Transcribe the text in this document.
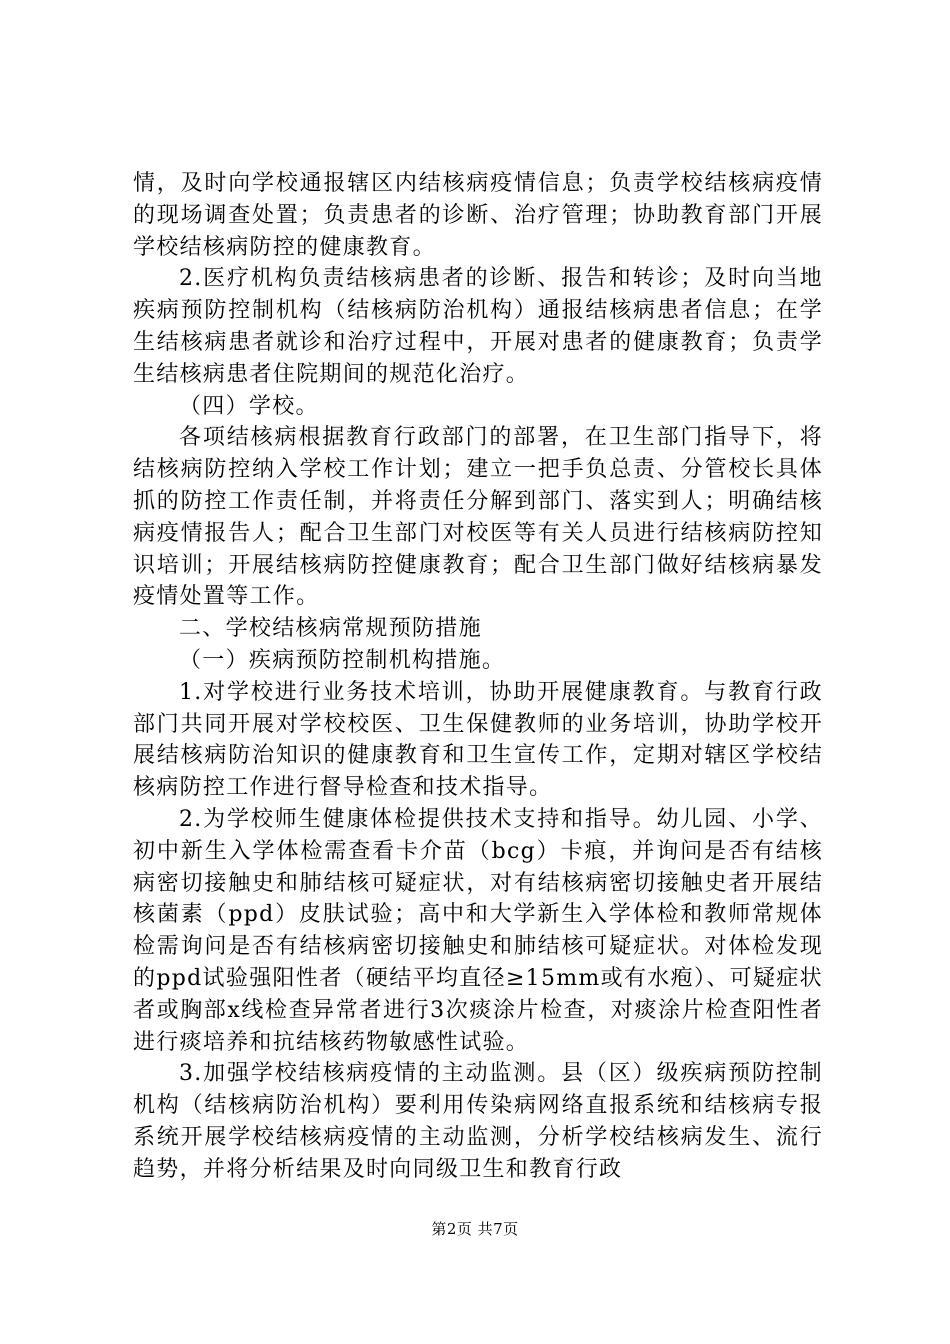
情，及时向学校通报辖区内结核病疫情信息；负责学校结核病疫情的现场调查处置；负责患者的诊断、治疗管理；协助教育部门开展学校结核病防控的健康教育。

2.医疗机构负责结核病患者的诊断、报告和转诊；及时向当地疾病预防控制机构（结核病防治机构）通报结核病患者信息；在学生结核病患者就诊和治疗过程中，开展对患者的健康教育；负责学生结核病患者住院期间的规范化治疗。

（四）学校。

各项结核病根据教育行政部门的部署，在卫生部门指导下，将结核病防控纳入学校工作计划；建立一把手负总责、分管校长具体抓的防控工作责任制，并将责任分解到部门、落实到人；明确结核病疫情报告人；配合卫生部门对校医等有关人员进行结核病防控知识培训；开展结核病防控健康教育；配合卫生部门做好结核病暴发疫情处置等工作。

二、学校结核病常规预防措施

（一）疾病预防控制机构措施。

1.对学校进行业务技术培训，协助开展健康教育。与教育行政部门共同开展对学校校医、卫生保健教师的业务培训，协助学校开展结核病防治知识的健康教育和卫生宣传工作，定期对辖区学校结核病防控工作进行督导检查和技术指导。

2.为学校师生健康体检提供技术支持和指导。幼儿园、小学、初中新生入学体检需查看卡介苗（bcg）卡痕，并询问是否有结核病密切接触史和肺结核可疑症状，对有结核病密切接触史者开展结核菌素（ppd）皮肤试验；高中和大学新生入学体检和教师常规体检需询问是否有结核病密切接触史和肺结核可疑症状。对体检发现的ppd试验强阳性者（硬结平均直径≥15mm或有水疱）、可疑症状者或胸部x线检查异常者进行3次痰涂片检查，对痰涂片检查阳性者进行痰培养和抗结核药物敏感性试验。

3.加强学校结核病疫情的主动监测。县（区）级疾病预防控制机构（结核病防治机构）要利用传染病网络直报系统和结核病专报系统开展学校结核病疫情的主动监测，分析学校结核病发生、流行趋势，并将分析结果及时向同级卫生和教育行政

第2页 共7页
